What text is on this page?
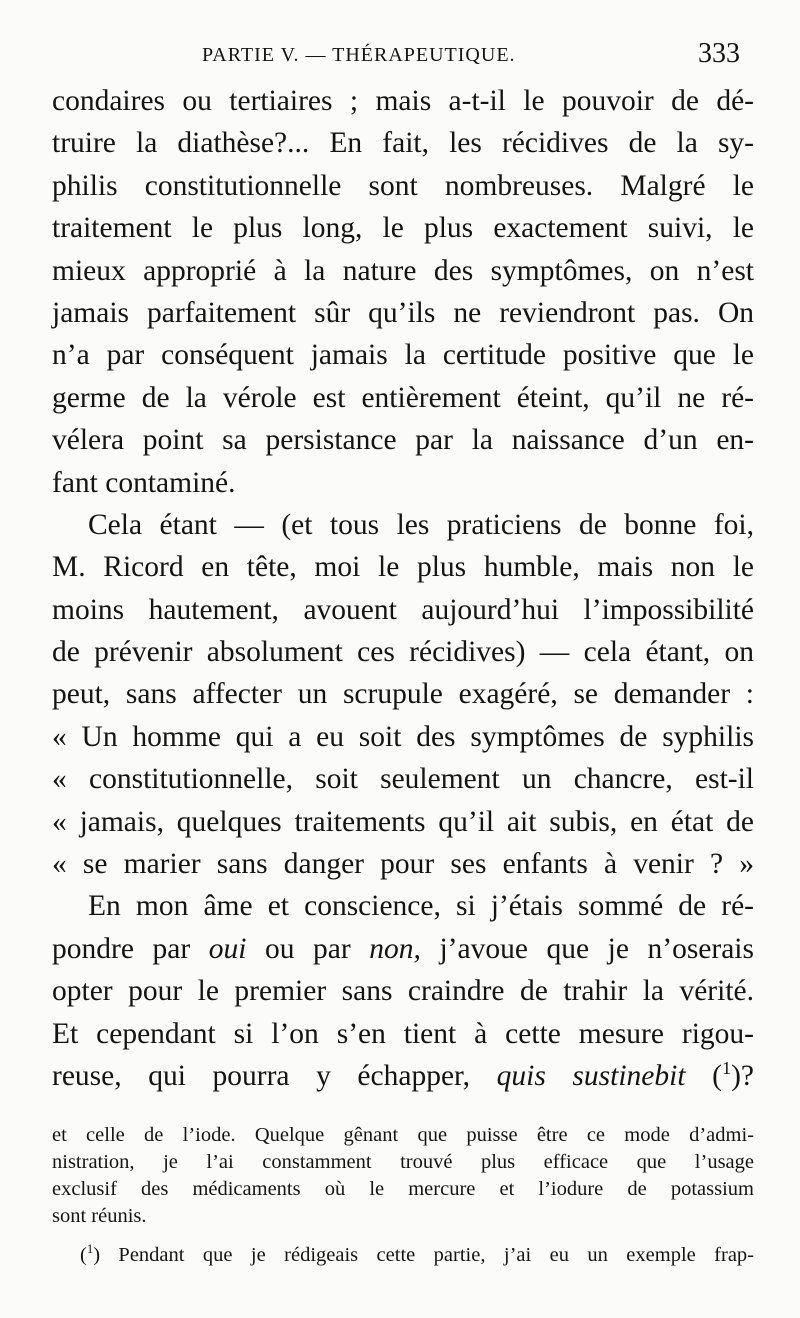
PARTIE V. — THÉRAPEUTIQUE.	333
condaires ou tertiaires ; mais a-t-il le pouvoir de dé-
truire la diathèse?... En fait, les récidives de la sy-
philis constitutionnelle sont nombreuses. Malgré le
traitement le plus long, le plus exactement suivi, le
mieux approprié à la nature des symptômes, on n’est
jamais parfaitement sûr qu’ils ne reviendront pas. On
n’a par conséquent jamais la certitude positive que le
germe de la vérole est entièrement éteint, qu’il ne ré-
vélera point sa persistance par la naissance d’un en-
fant contaminé.
Cela étant — (et tous les praticiens de bonne foi,
M. Ricord en tête, moi le plus humble, mais non le
moins hautement, avouent aujourd’hui l’impossibilité
de prévenir absolument ces récidives) — cela étant, on
peut, sans affecter un scrupule exagéré, se demander :
« Un homme qui a eu soit des symptômes de syphilis
« constitutionnelle, soit seulement un chancre, est-il
« jamais, quelques traitements qu’il ait subis, en état de
« se marier sans danger pour ses enfants à venir ? »
En mon âme et conscience, si j’étais sommé de ré-
pondre par oui ou par non, j’avoue que je n’oserais
opter pour le premier sans craindre de trahir la vérité.
Et cependant si l’on s’en tient à cette mesure rigou-
reuse, qui pourra y échapper, quis sustinebit ($^1$)?
et celle de l’iode. Quelque gênant que puisse être ce mode d’admi-
nistration, je l’ai constamment trouvé plus efficace que l’usage
exclusif des médicaments où le mercure et l’iodure de potassium
sont réunis.
($^1$) Pendant que je rédigeais cette partie, j’ai eu un exemple frap-
